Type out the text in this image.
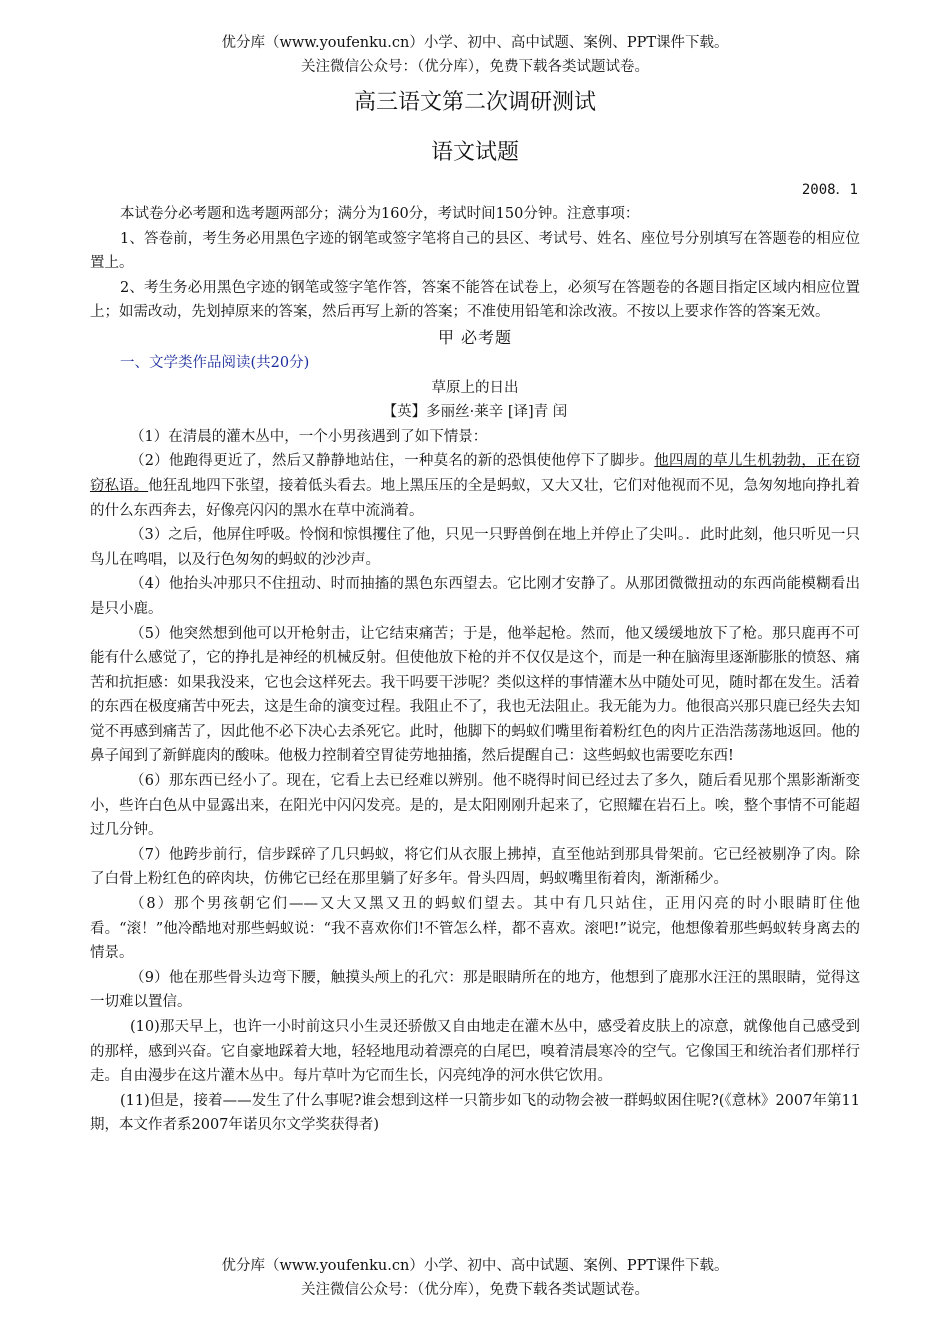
优分库（www.youfenku.cn）小学、初中、高中试题、案例、PPT课件下载。
关注微信公众号：（优分库），免费下载各类试题试卷。
高三语文第二次调研测试
语文试题
2008．1

本试卷分必考题和选考题两部分；满分为160分，考试时间150分钟。注意事项：

1、答卷前，考生务必用黑色字迹的钢笔或签字笔将自己的县区、考试号、姓名、座位号分别填写在答题卷的相应位置上。

2、考生务必用黑色字迹的钢笔或签字笔作答，答案不能答在试卷上，必须写在答题卷的各题目指定区域内相应位置上；如需改动，先划掉原来的答案，然后再写上新的答案；不准使用铅笔和涂改液。不按以上要求作答的答案无效。

甲 必考题

一、文学类作品阅读(共20分)

草原上的日出

【英】多丽丝·莱辛 [译]青 闰

（1）在清晨的灌木丛中，一个小男孩遇到了如下情景：

（2）他跑得更近了，然后又静静地站住，一种莫名的新的恐惧使他停下了脚步。他四周的草儿生机勃勃，正在窃窃私语。他狂乱地四下张望，接着低头看去。地上黑压压的全是蚂蚁，又大又壮，它们对他视而不见，急匆匆地向挣扎着的什么东西奔去，好像亮闪闪的黑水在草中流淌着。

（3）之后，他屏住呼吸。怜悯和惊惧攫住了他，只见一只野兽倒在地上并停止了尖叫。．此时此刻，他只听见一只鸟儿在鸣唱，以及行色匆匆的蚂蚁的沙沙声。

（4）他抬头冲那只不住扭动、时而抽搐的黑色东西望去。它比刚才安静了。从那团微微扭动的东西尚能模糊看出是只小鹿。

（5）他突然想到他可以开枪射击，让它结束痛苦；于是，他举起枪。然而，他又缓缓地放下了枪。那只鹿再不可能有什么感觉了，它的挣扎是神经的机械反射。但使他放下枪的并不仅仅是这个，而是一种在脑海里逐渐膨胀的愤怒、痛苦和抗拒感：如果我没来，它也会这样死去。我干吗要干涉呢？类似这样的事情灌木丛中随处可见，随时都在发生。活着的东西在极度痛苦中死去，这是生命的演变过程。我阻止不了，我也无法阻止。我无能为力。他很高兴那只鹿已经失去知觉不再感到痛苦了，因此他不必下决心去杀死它。此时，他脚下的蚂蚁们嘴里衔着粉红色的肉片正浩浩荡荡地返回。他的鼻子闻到了新鲜鹿肉的酸味。他极力控制着空胃徒劳地抽搐，然后提醒自己：这些蚂蚁也需要吃东西!

（6）那东西已经小了。现在，它看上去已经难以辨别。他不晓得时间已经过去了多久，随后看见那个黑影渐渐变小，些许白色从中显露出来，在阳光中闪闪发亮。是的，是太阳刚刚升起来了，它照耀在岩石上。唉，整个事情不可能超过几分钟。

（7）他跨步前行，信步踩碎了几只蚂蚁，将它们从衣服上拂掉，直至他站到那具骨架前。它已经被剔净了肉。除了白骨上粉红色的碎肉块，仿佛它已经在那里躺了好多年。骨头四周，蚂蚁嘴里衔着肉，渐渐稀少。

（8）那个男孩朝它们——又大又黑又丑的蚂蚁们望去。其中有几只站住，正用闪亮的时小眼睛盯住他看。“滚！”他冷酷地对那些蚂蚁说：“我不喜欢你们!不管怎么样，都不喜欢。滚吧!”说完，他想像着那些蚂蚁转身离去的情景。

（9）他在那些骨头边弯下腰，触摸头颅上的孔穴：那是眼睛所在的地方，他想到了鹿那水汪汪的黑眼睛，觉得这一切难以置信。

(10)那天早上，也许一小时前这只小生灵还骄傲又自由地走在灌木丛中，感受着皮肤上的凉意，就像他自己感受到的那样，感到兴奋。它自豪地踩着大地，轻轻地甩动着漂亮的白尾巴，嗅着清晨寒冷的空气。它像国王和统治者们那样行走。自由漫步在这片灌木丛中。每片草叶为它而生长，闪亮纯净的河水供它饮用。

(11)但是，接着——发生了什么事呢?谁会想到这样一只箭步如飞的动物会被一群蚂蚁困住呢?(《意林》2007年第11期，本文作者系2007年诺贝尔文学奖获得者)

优分库（www.youfenku.cn）小学、初中、高中试题、案例、PPT课件下载。
关注微信公众号：（优分库），免费下载各类试题试卷。
